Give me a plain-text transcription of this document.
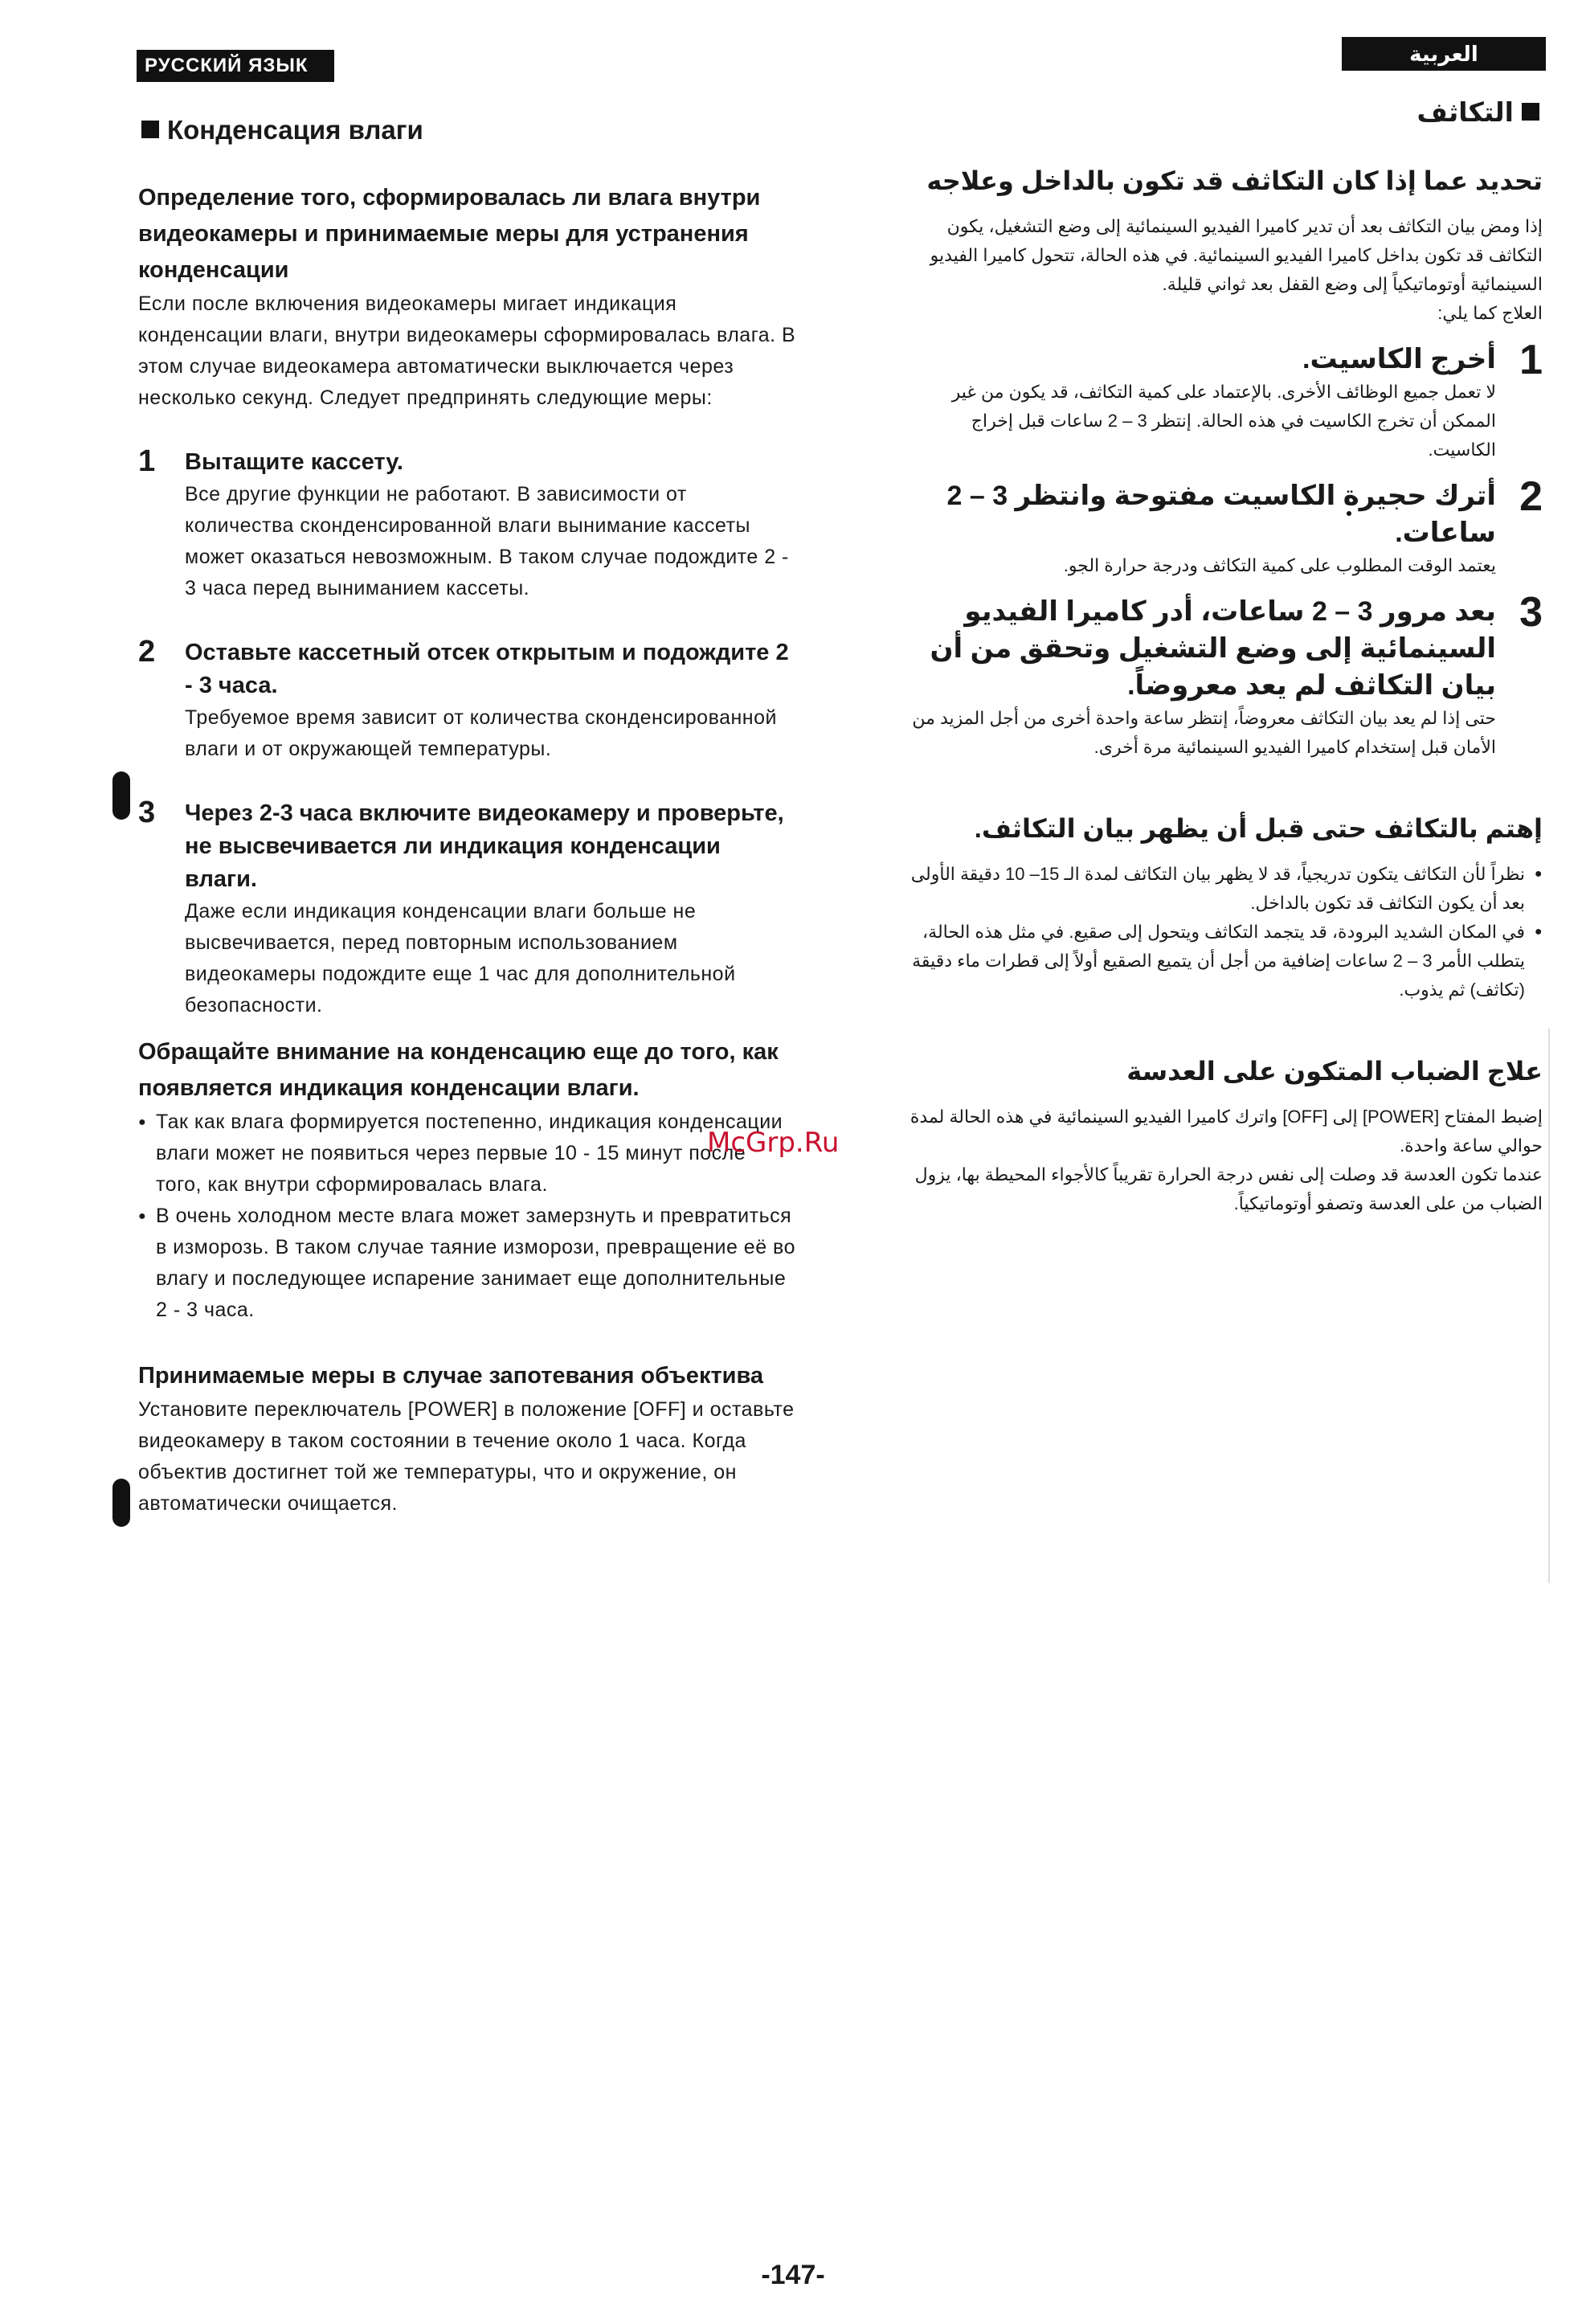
РУССКИЙ ЯЗЫК	العربية
Конденсация влаги
Определение того, сформировалась ли влага внутри видеокамеры и принимаемые меры для устранения конденсации

Если после включения видеокамеры мигает индикация конденсации влаги, внутри видеокамеры сформировалась влага. В этом случае видеокамера автоматически выключается через несколько секунд. Следует предпринять следующие меры:

1 Вытащите кассету.

Все другие функции не работают. В зависимости от количества сконденсированной влаги вынимание кассеты может оказаться невозможным. В таком случае подождите 2 - 3 часа перед выниманием кассеты.

2 Оставьте кассетный отсек открытым и подождите 2 - 3 часа.

Требуемое время зависит от количества сконденсированной влаги и от окружающей температуры.

3 Через 2-3 часа включите видеокамеру и проверьте, не высвечивается ли индикация конденсации влаги.

Даже если индикация конденсации влаги больше не высвечивается, перед повторным использованием видеокамеры подождите еще 1 час для дополнительной безопасности.

Обращайте внимание на конденсацию еще до того, как появляется индикация конденсации влаги.
● Так как влага формируется постепенно, индикация конденсации влаги может не появиться через первые 10 - 15 минут после того, как внутри сформировалась влага.
● В очень холодном месте влага может замерзнуть и превратиться в изморозь. В таком случае таяние изморози, превращение её во влагу и последующее испарение занимает еще дополнительные 2 - 3 часа.
Принимаемые меры в случае запотевания объектива

Установите переключатель [POWER] в положение [OFF] и оставьте видеокамеру в таком состоянии в течение около 1 часа. Когда объектив достигнет той же температуры, что и окружение, он автоматически очищается.

التكاثف
تحديد عما إذا كان التكاثف قد تكون بالداخل وعلاجه

إذا ومض بيان التكاثف بعد أن تدير كاميرا الفيديو السينمائية إلى وضع التشغيل، يكون التكاثف قد تكون بداخل كاميرا الفيديو السينمائية. في هذه الحالة، تتحول كاميرا الفيديو السينمائية أوتوماتيكياً إلى وضع القفل بعد ثواني قليلة.

العلاج كما يلي:

1

أخرج الكاسيت.

لا تعمل جميع الوظائف الأخرى. بالإعتماد على كمية التكاثف، قد يكون من غير الممكن أن تخرج الكاسيت في هذه الحالة. إنتظر 3 – 2 ساعات قبل إخراج الكاسيت.

2

أترك حجيرة الكاسيت مفتوحة وانتظر 3 – 2 ساعات.

يعتمد الوقت المطلوب على كمية التكاثف ودرجة حرارة الجو.

3

بعد مرور 3 – 2 ساعات، أدر كاميرا الفيديو السينمائية إلى وضع التشغيل وتحقق من أن بيان التكاثف لم يعد معروضاً.

حتى إذا لم يعد بيان التكاثف معروضاً، إنتظر ساعة واحدة أخرى من أجل المزيد من الأمان قبل إستخدام كاميرا الفيديو السينمائية مرة أخرى.

إهتم بالتكاثف حتى قبل أن يظهر بيان التكاثف.
● نظراً لأن التكاثف يتكون تدريجياً، قد لا يظهر بيان التكاثف لمدة الـ 15– 10 دقيقة الأولى بعد أن يكون التكاثف قد تكون بالداخل.
● في المكان الشديد البرودة، قد يتجمد التكاثف ويتحول إلى صقيع. في مثل هذه الحالة، يتطلب الأمر 3 – 2 ساعات إضافية من أجل أن يتميع الصقيع أولاً إلى قطرات ماء دقيقة (تكاثف) ثم يذوب.
علاج الضباب المتكون على العدسة

إضبط المفتاح [POWER] إلى [OFF] واترك كاميرا الفيديو السينمائية في هذه الحالة لمدة حوالي ساعة واحدة.

عندما تكون العدسة قد وصلت إلى نفس درجة الحرارة تقريباً كالأجواء المحيطة بها، يزول الضباب من على العدسة وتصفو أوتوماتيكياً.

McGrp.Ru
-147-
